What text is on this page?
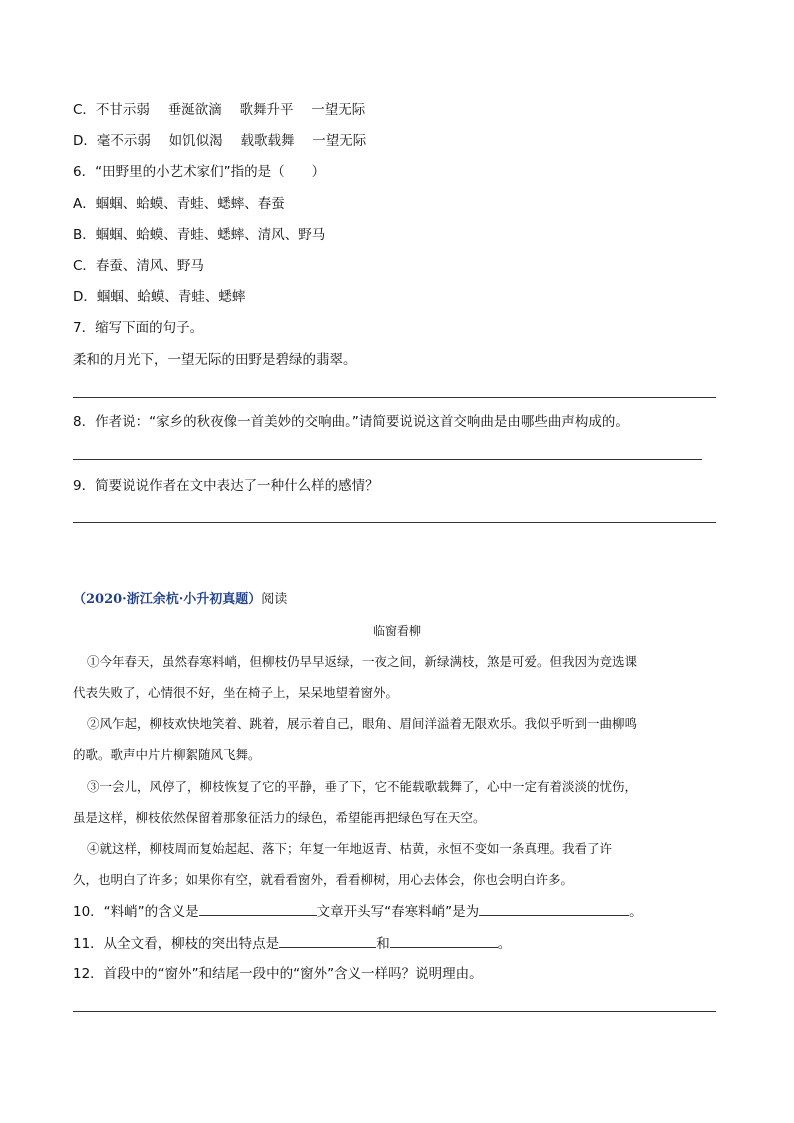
C．不甘示弱　 垂涎欲滴　 歌舞升平　 一望无际
D．毫不示弱　 如饥似渴　 载歌载舞　 一望无际
6．“田野里的小艺术家们”指的是（　　）
A．蝈蝈、蛤蟆、青蛙、蟋蟀、春蚕
B．蝈蝈、蛤蟆、青蛙、蟋蟀、清风、野马
C．春蚕、清风、野马
D．蝈蝈、蛤蟆、青蛙、蟋蟀
7．缩写下面的句子。
柔和的月光下，一望无际的田野是碧绿的翡翠。
8．作者说：“家乡的秋夜像一首美妙的交响曲。”请简要说说这首交响曲是由哪些曲声构成的。
9．简要说说作者在文中表达了一种什么样的感情？
（2020·浙江余杭·小升初真题）阅读
临窗看柳
①今年春天，虽然春寒料峭，但柳枝仍早早返绿，一夜之间，新绿满枝，煞是可爱。但我因为竞选课
代表失败了，心情很不好，坐在椅子上，呆呆地望着窗外。
②风乍起，柳枝欢快地笑着、跳着，展示着自己，眼角、眉间洋溢着无限欢乐。我似乎听到一曲柳鸣
的歌。歌声中片片柳絮随风飞舞。
③一会儿，风停了，柳枝恢复了它的平静，垂了下，它不能载歌载舞了，心中一定有着淡淡的忧伤，
虽是这样，柳枝依然保留着那象征活力的绿色，希望能再把绿色写在天空。
④就这样，柳枝周而复始起起、落下；年复一年地返青、枯黄，永恒不变如一条真理。我看了许
久，也明白了许多；如果你有空，就看看窗外，看看柳树，用心去体会，你也会明白许多。
10．“料峭”的含义是	文章开头写“春寒料峭”是为	。
11．从全文看，柳枝的突出特点是	和	。
12．首段中的“窗外”和结尾一段中的“窗外”含义一样吗？说明理由。
